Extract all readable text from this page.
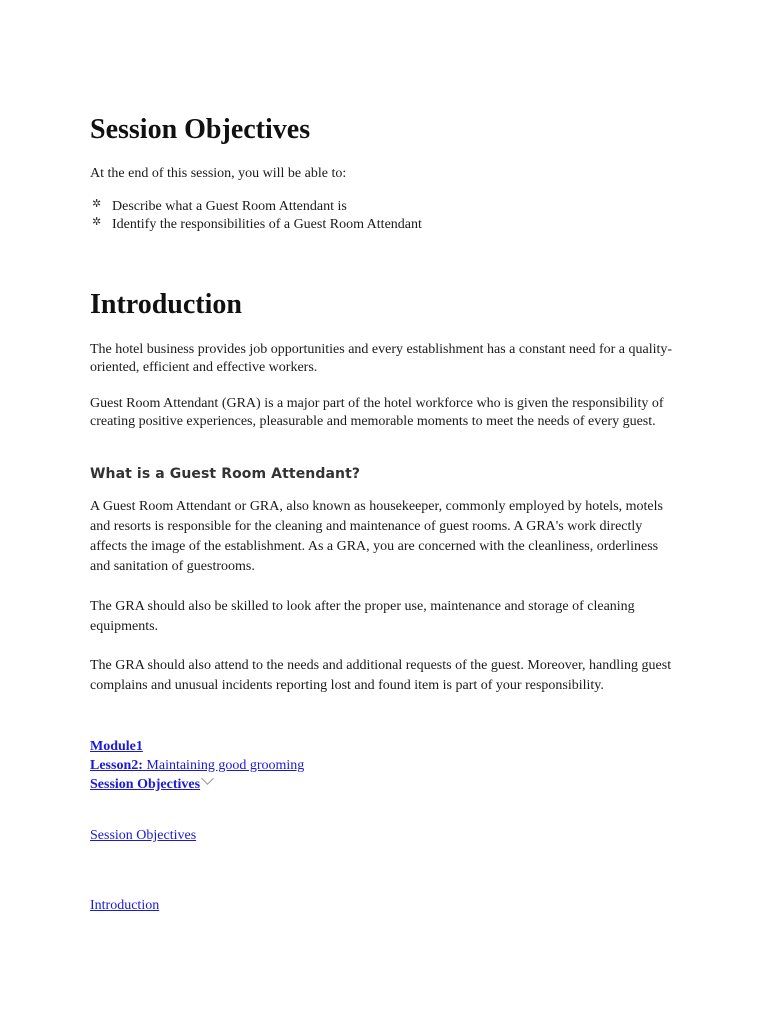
Session Objectives

At the end of this session, you will be able to:

✲ Describe what a Guest Room Attendant is
✲ Identify the responsibilities of a Guest Room Attendant
Introduction

The hotel business provides job opportunities and every establishment has a constant need for a quality-oriented, efficient and effective workers.

Guest Room Attendant (GRA) is a major part of the hotel workforce who is given the responsibility of creating positive experiences, pleasurable and memorable moments to meet the needs of every guest.

What is a Guest Room Attendant?

A Guest Room Attendant or GRA, also known as housekeeper, commonly employed by hotels, motels and resorts is responsible for the cleaning and maintenance of guest rooms. A GRA's work directly affects the image of the establishment. As a GRA, you are concerned with the cleanliness, orderliness and sanitation of guestrooms.

The GRA should also be skilled to look after the proper use, maintenance and storage of cleaning equipments.

The GRA should also attend to the needs and additional requests of the guest. Moreover, handling guest complains and unusual incidents reporting lost and found item is part of your responsibility.

Module1
Lesson2: Maintaining good grooming
Session Objectives
Session Objectives
Introduction
